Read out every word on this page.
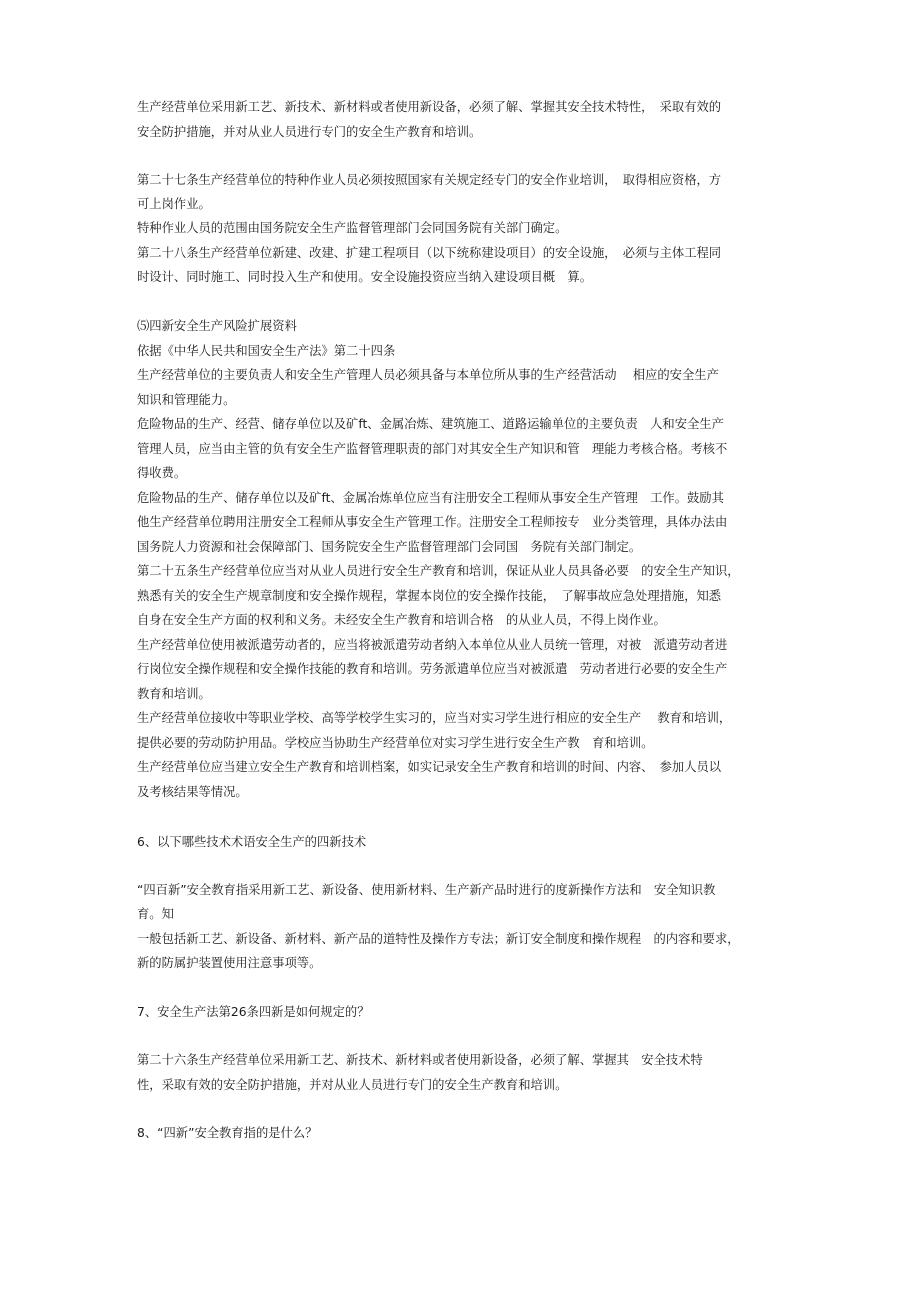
生产经营单位采用新工艺、新技术、新材料或者使用新设备，必须了解、掌握其安全技术特性，　采取有效的
安全防护措施，并对从业人员进行专门的安全生产教育和培训。
第二十七条生产经营单位的特种作业人员必须按照国家有关规定经专门的安全作业培训，　取得相应资格，方
可上岗作业。
特种作业人员的范围由国务院安全生产监督管理部门会同国务院有关部门确定。
第二十八条生产经营单位新建、改建、扩建工程项目（以下统称建设项目）的安全设施，　必须与主体工程同
时设计、同时施工、同时投入生产和使用。安全设施投资应当纳入建设项目概　算。
⑸四新安全生产风险扩展资料
依据《中华人民共和国安全生产法》第二十四条
生产经营单位的主要负责人和安全生产管理人员必须具备与本单位所从事的生产经营活动　 相应的安全生产
知识和管理能力。
危险物品的生产、经营、储存单位以及矿ft、金属冶炼、建筑施工、道路运输单位的主要负责　人和安全生产
管理人员，应当由主管的负有安全生产监督管理职责的部门对其安全生产知识和管　理能力考核合格。考核不
得收费。
危险物品的生产、储存单位以及矿ft、金属冶炼单位应当有注册安全工程师从事安全生产管理　工作。鼓励其
他生产经营单位聘用注册安全工程师从事安全生产管理工作。注册安全工程师按专　业分类管理，具体办法由
国务院人力资源和社会保障部门、国务院安全生产监督管理部门会同国　务院有关部门制定。
第二十五条生产经营单位应当对从业人员进行安全生产教育和培训，保证从业人员具备必要　的安全生产知识，
熟悉有关的安全生产规章制度和安全操作规程，掌握本岗位的安全操作技能，　了解事故应急处理措施，知悉
自身在安全生产方面的权利和义务。未经安全生产教育和培训合格　的从业人员，不得上岗作业。
生产经营单位使用被派遣劳动者的，应当将被派遣劳动者纳入本单位从业人员统一管理，对被　派遣劳动者进
行岗位安全操作规程和安全操作技能的教育和培训。劳务派遣单位应当对被派遣　劳动者进行必要的安全生产
教育和培训。
生产经营单位接收中等职业学校、高等学校学生实习的，应当对实习学生进行相应的安全生产　 教育和培训，
提供必要的劳动防护用品。学校应当协助生产经营单位对实习学生进行安全生产教　育和培训。
生产经营单位应当建立安全生产教育和培训档案，如实记录安全生产教育和培训的时间、内容、　参加人员以
及考核结果等情况。
6、以下哪些技术术语安全生产的四新技术
“四百新”安全教育指采用新工艺、新设备、使用新材料、生产新产品时进行的度新操作方法和　安全知识教
育。知
一般包括新工艺、新设备、新材料、新产品的道特性及操作方专法；新订安全制度和操作规程　的内容和要求，
新的防属护装置使用注意事项等。
7、安全生产法第26条四新是如何规定的？
第二十六条生产经营单位采用新工艺、新技术、新材料或者使用新设备，必须了解、掌握其　安全技术特
性，采取有效的安全防护措施，并对从业人员进行专门的安全生产教育和培训。
8、“四新”安全教育指的是什么？
